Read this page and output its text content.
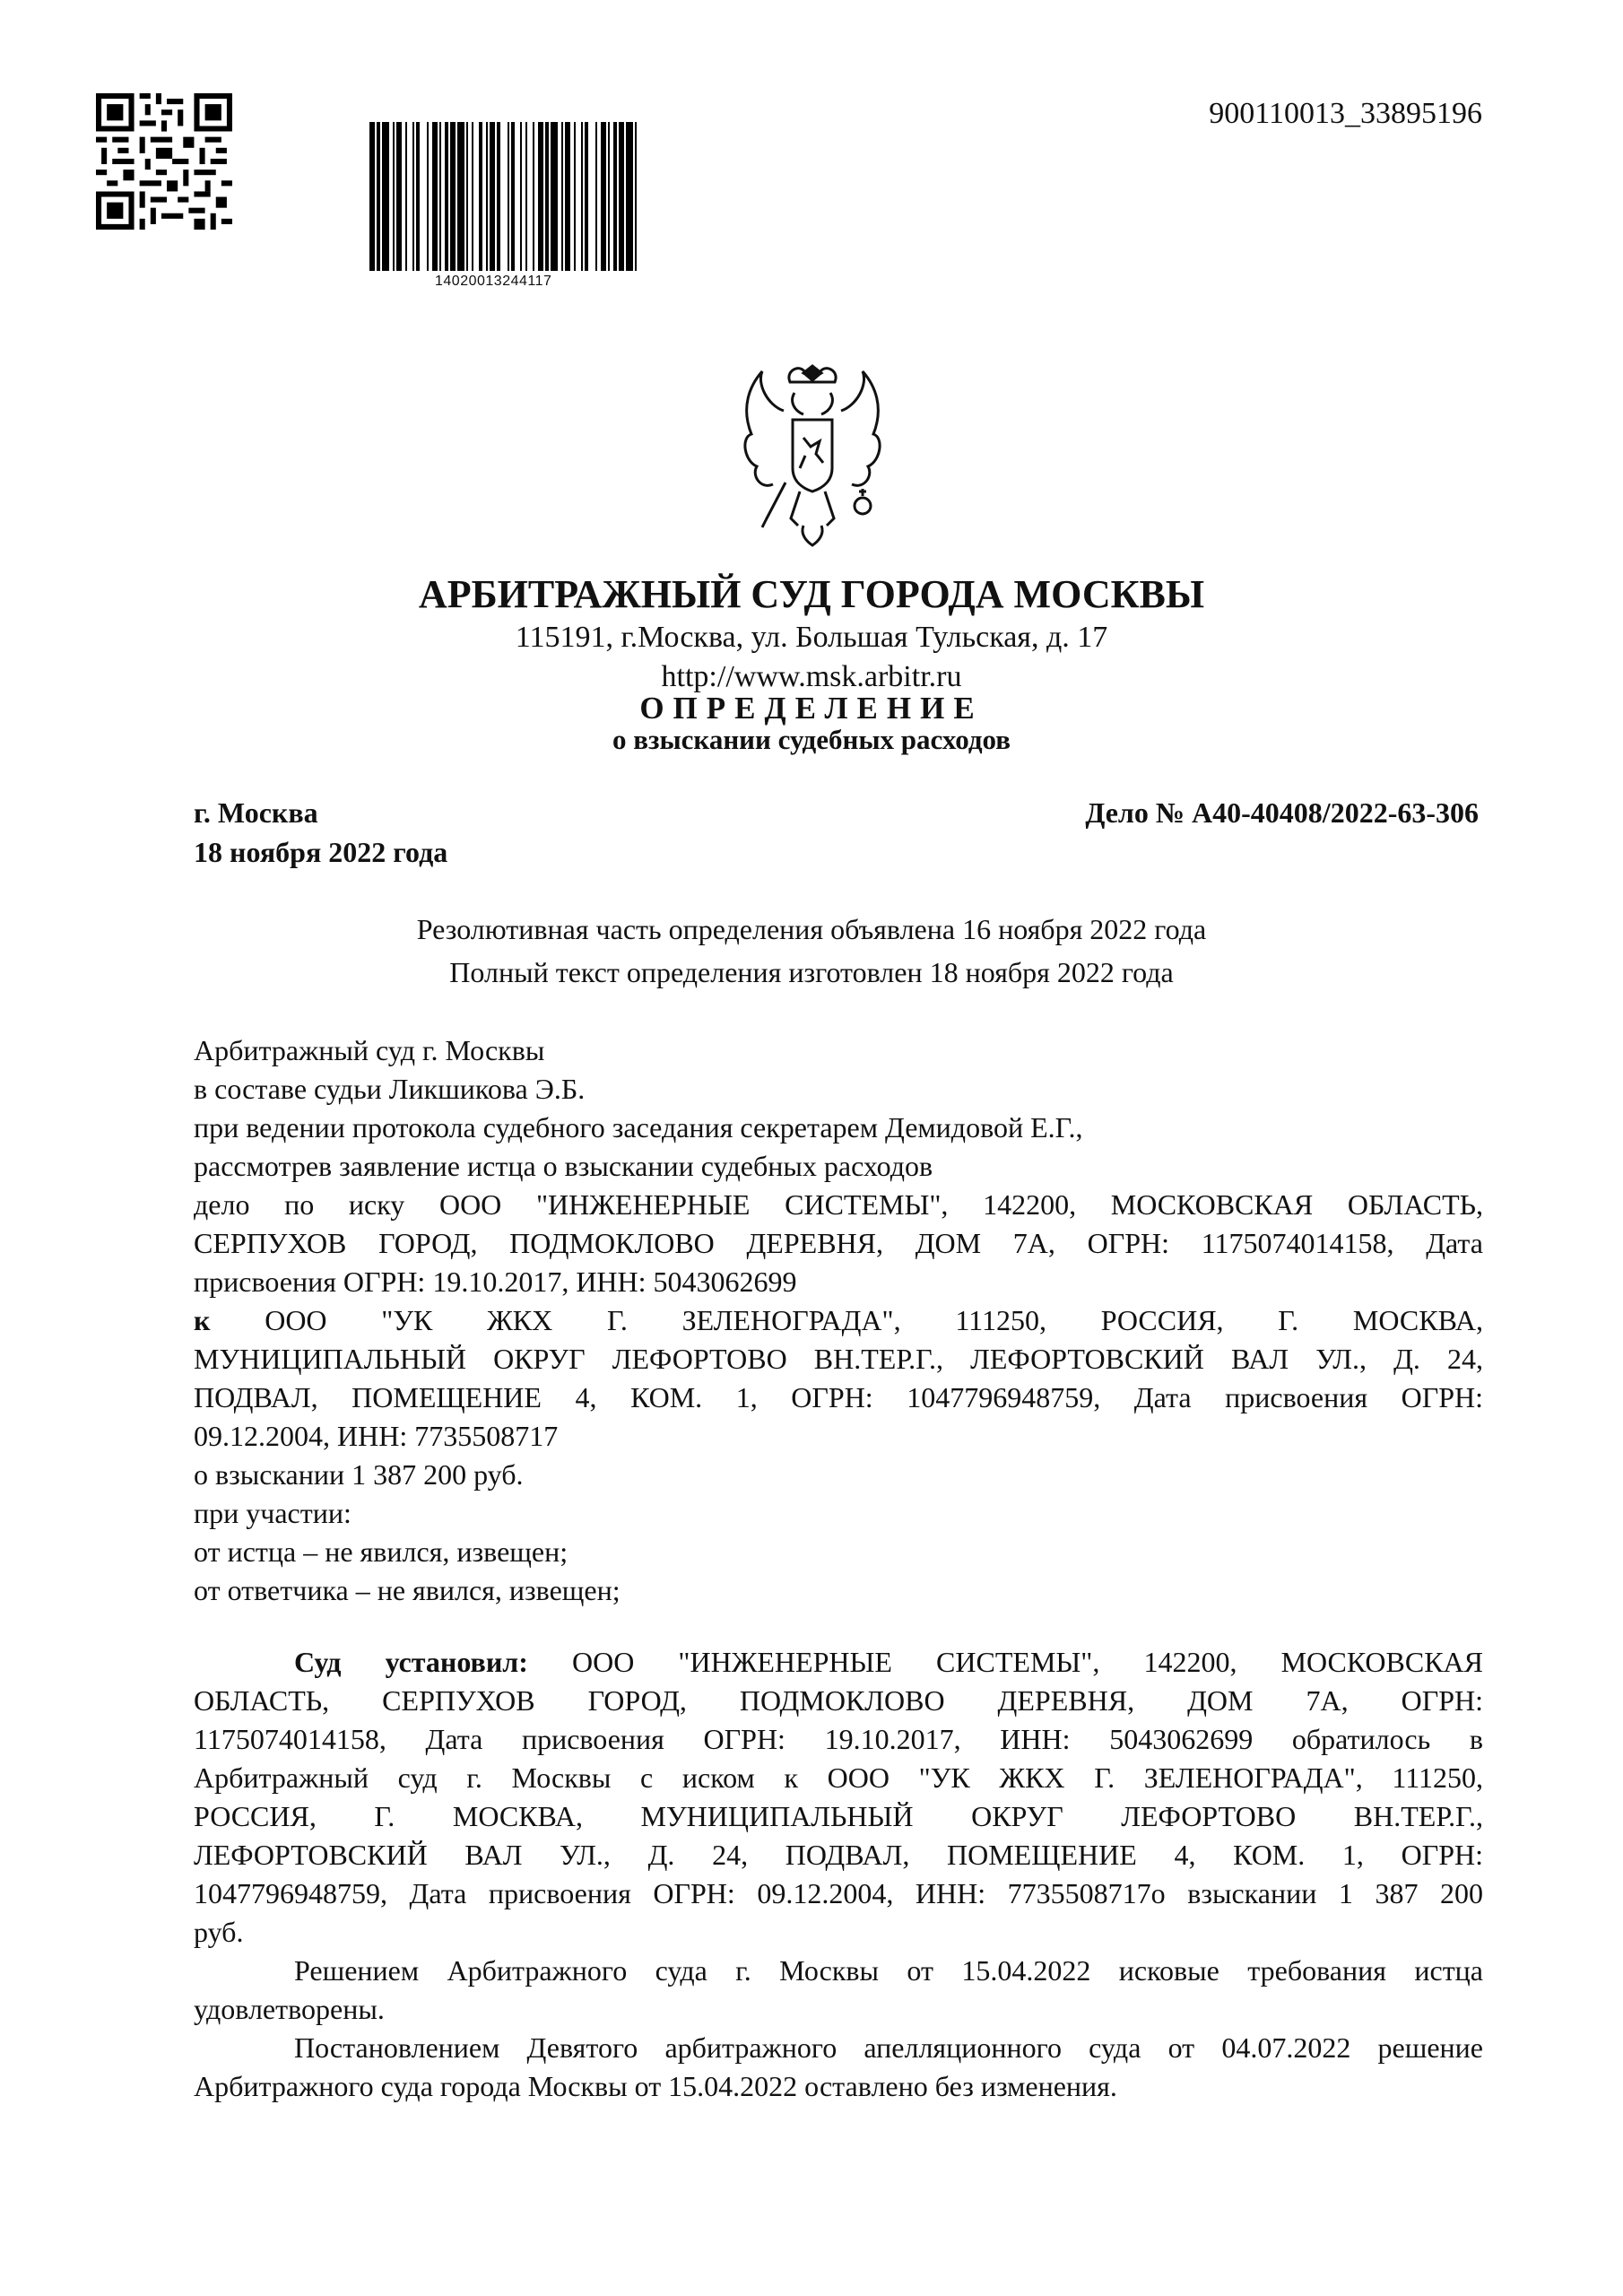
14020013244117
900110013_33895196
АРБИТРАЖНЫЙ СУД ГОРОДА МОСКВЫ
115191, г.Москва, ул. Большая Тульская, д. 17
http://www.msk.arbitr.ru
ОПРЕДЕЛЕНИЕ
о взыскании судебных расходов
г. Москва
18 ноября 2022 года
Дело № А40-40408/2022-63-306
Резолютивная часть определения объявлена 16 ноября 2022 года
Полный текст определения изготовлен 18 ноября 2022 года
Арбитражный суд г. Москвы
в составе судьи Ликшикова Э.Б.
при ведении протокола судебного заседания секретарем Демидовой Е.Г.,
рассмотрев заявление истца о взыскании судебных расходов
дело по иску ООО "ИНЖЕНЕРНЫЕ СИСТЕМЫ", 142200, МОСКОВСКАЯ ОБЛАСТЬ,
СЕРПУХОВ ГОРОД, ПОДМОКЛОВО ДЕРЕВНЯ, ДОМ 7А, ОГРН: 1175074014158, Дата
присвоения ОГРН: 19.10.2017, ИНН: 5043062699
к ООО "УК ЖКХ Г. ЗЕЛЕНОГРАДА", 111250, РОССИЯ, Г. МОСКВА,
МУНИЦИПАЛЬНЫЙ ОКРУГ ЛЕФОРТОВО ВН.ТЕР.Г., ЛЕФОРТОВСКИЙ ВАЛ УЛ., Д. 24,
ПОДВАЛ, ПОМЕЩЕНИЕ 4, КОМ. 1, ОГРН: 1047796948759, Дата присвоения ОГРН:
09.12.2004, ИНН: 7735508717
о взыскании 1 387 200 руб.
при участии:
от истца – не явился, извещен;
от ответчика – не явился, извещен;
Суд установил: ООО "ИНЖЕНЕРНЫЕ СИСТЕМЫ", 142200, МОСКОВСКАЯ
ОБЛАСТЬ, СЕРПУХОВ ГОРОД, ПОДМОКЛОВО ДЕРЕВНЯ, ДОМ 7А, ОГРН:
1175074014158, Дата присвоения ОГРН: 19.10.2017, ИНН: 5043062699 обратилось в
Арбитражный суд г. Москвы с иском к ООО "УК ЖКХ Г. ЗЕЛЕНОГРАДА", 111250,
РОССИЯ, Г. МОСКВА, МУНИЦИПАЛЬНЫЙ ОКРУГ ЛЕФОРТОВО ВН.ТЕР.Г.,
ЛЕФОРТОВСКИЙ ВАЛ УЛ., Д. 24, ПОДВАЛ, ПОМЕЩЕНИЕ 4, КОМ. 1, ОГРН:
1047796948759, Дата присвоения ОГРН: 09.12.2004, ИНН: 7735508717о взыскании 1 387 200
руб.
Решением Арбитражного суда г. Москвы от 15.04.2022 исковые требования истца
удовлетворены.
Постановлением Девятого арбитражного апелляционного суда от 04.07.2022 решение
Арбитражного суда города Москвы от 15.04.2022 оставлено без изменения.
